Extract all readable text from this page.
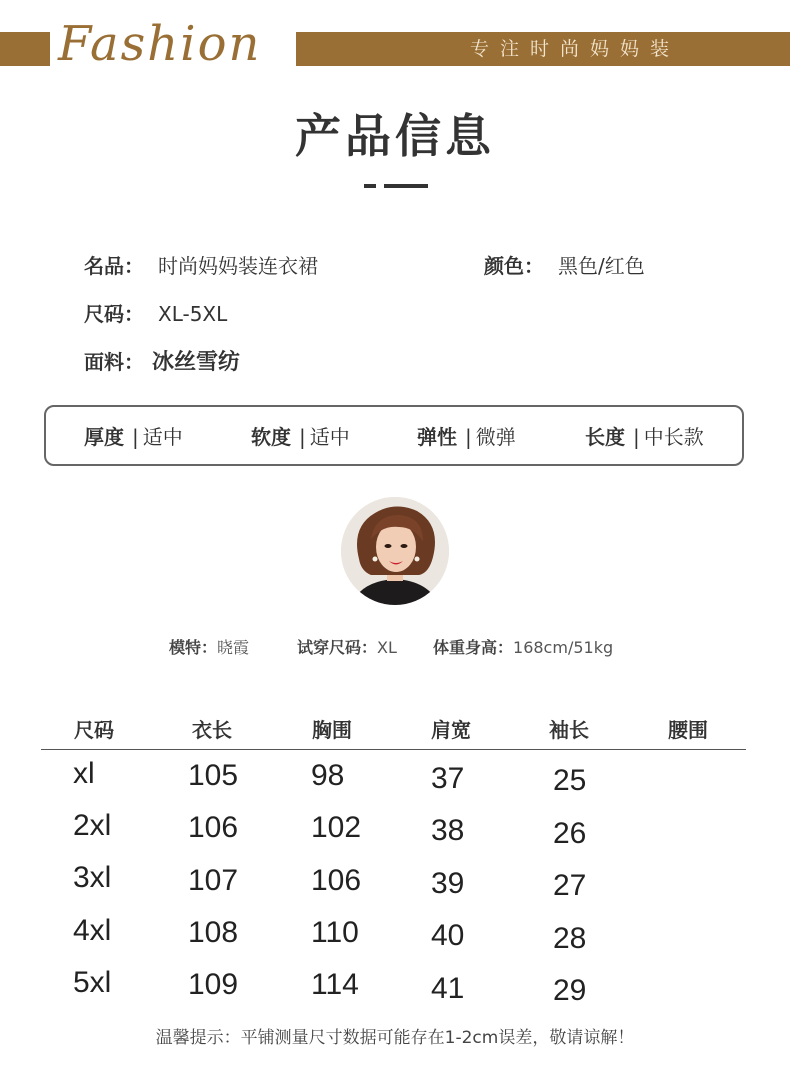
Fashion	专注时尚妈妈装
产品信息
名品： 时尚妈妈装连衣裙	颜色： 黑色/红色
尺码： XL-5XL
面料： 冰丝雪纺
厚度 | 适中	软度 | 适中	弹性 | 微弹	长度 | 中长款
模特：晓霞	试穿尺码：XL 体重身高：168cm/51kg
尺码	衣长	胸围	肩宽	袖长	腰围
xl	105 98	37	25
2xl	106 102 38	26
3xl	107 106 39	27
4xl	108 110 40	28
5xl	109 114 41	29
温馨提示：平铺测量尺寸数据可能存在1-2cm误差，敬请谅解！
